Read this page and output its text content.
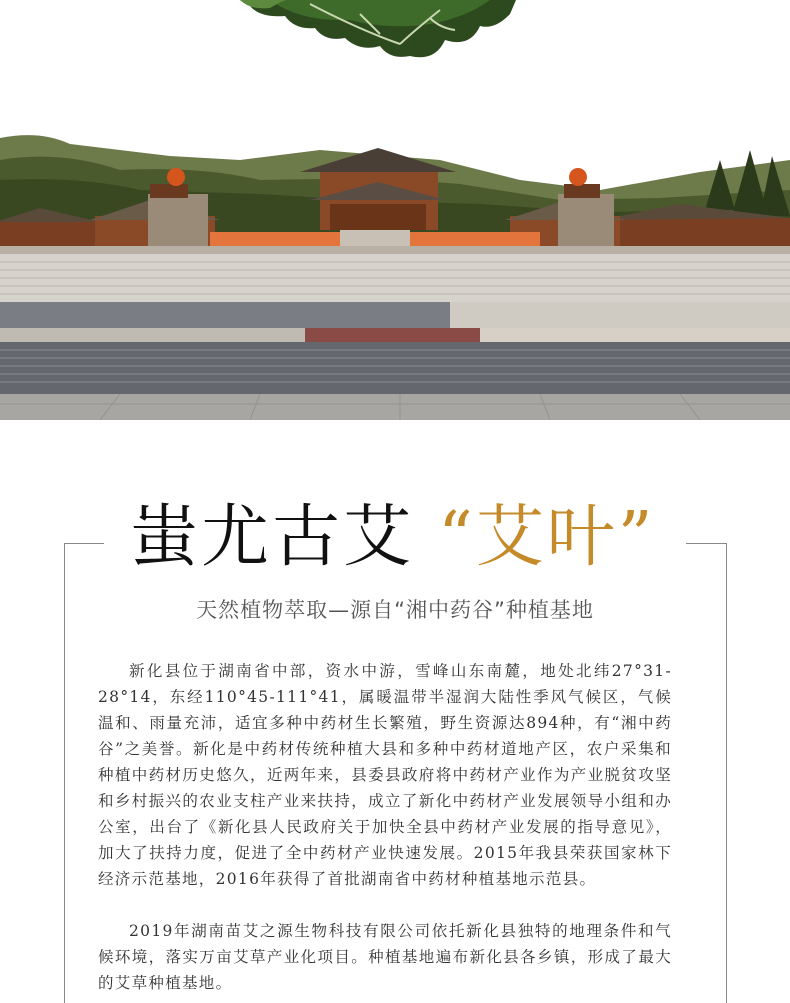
蚩尤古艾 “艾叶”
天然植物萃取—源自“湘中药谷”种植基地

新化县位于湖南省中部，资水中游，雪峰山东南麓，地处北纬27°31-28°14，东经110°45-111°41，属暖温带半湿润大陆性季风气候区，气候温和、雨量充沛，适宜多种中药材生长繁殖，野生资源达894种，有“湘中药谷”之美誉。新化是中药材传统种植大县和多种中药材道地产区，农户采集和种植中药材历史悠久，近两年来，县委县政府将中药材产业作为产业脱贫攻坚和乡村振兴的农业支柱产业来扶持，成立了新化中药材产业发展领导小组和办公室，出台了《新化县人民政府关于加快全县中药材产业发展的指导意见》，加大了扶持力度，促进了全中药材产业快速发展。2015年我县荣获国家林下经济示范基地，2016年获得了首批湖南省中药材种植基地示范县。

2019年湖南苗艾之源生物科技有限公司依托新化县独特的地理条件和气候环境，落实万亩艾草产业化项目。种植基地遍布新化县各乡镇，形成了最大的艾草种植基地。
